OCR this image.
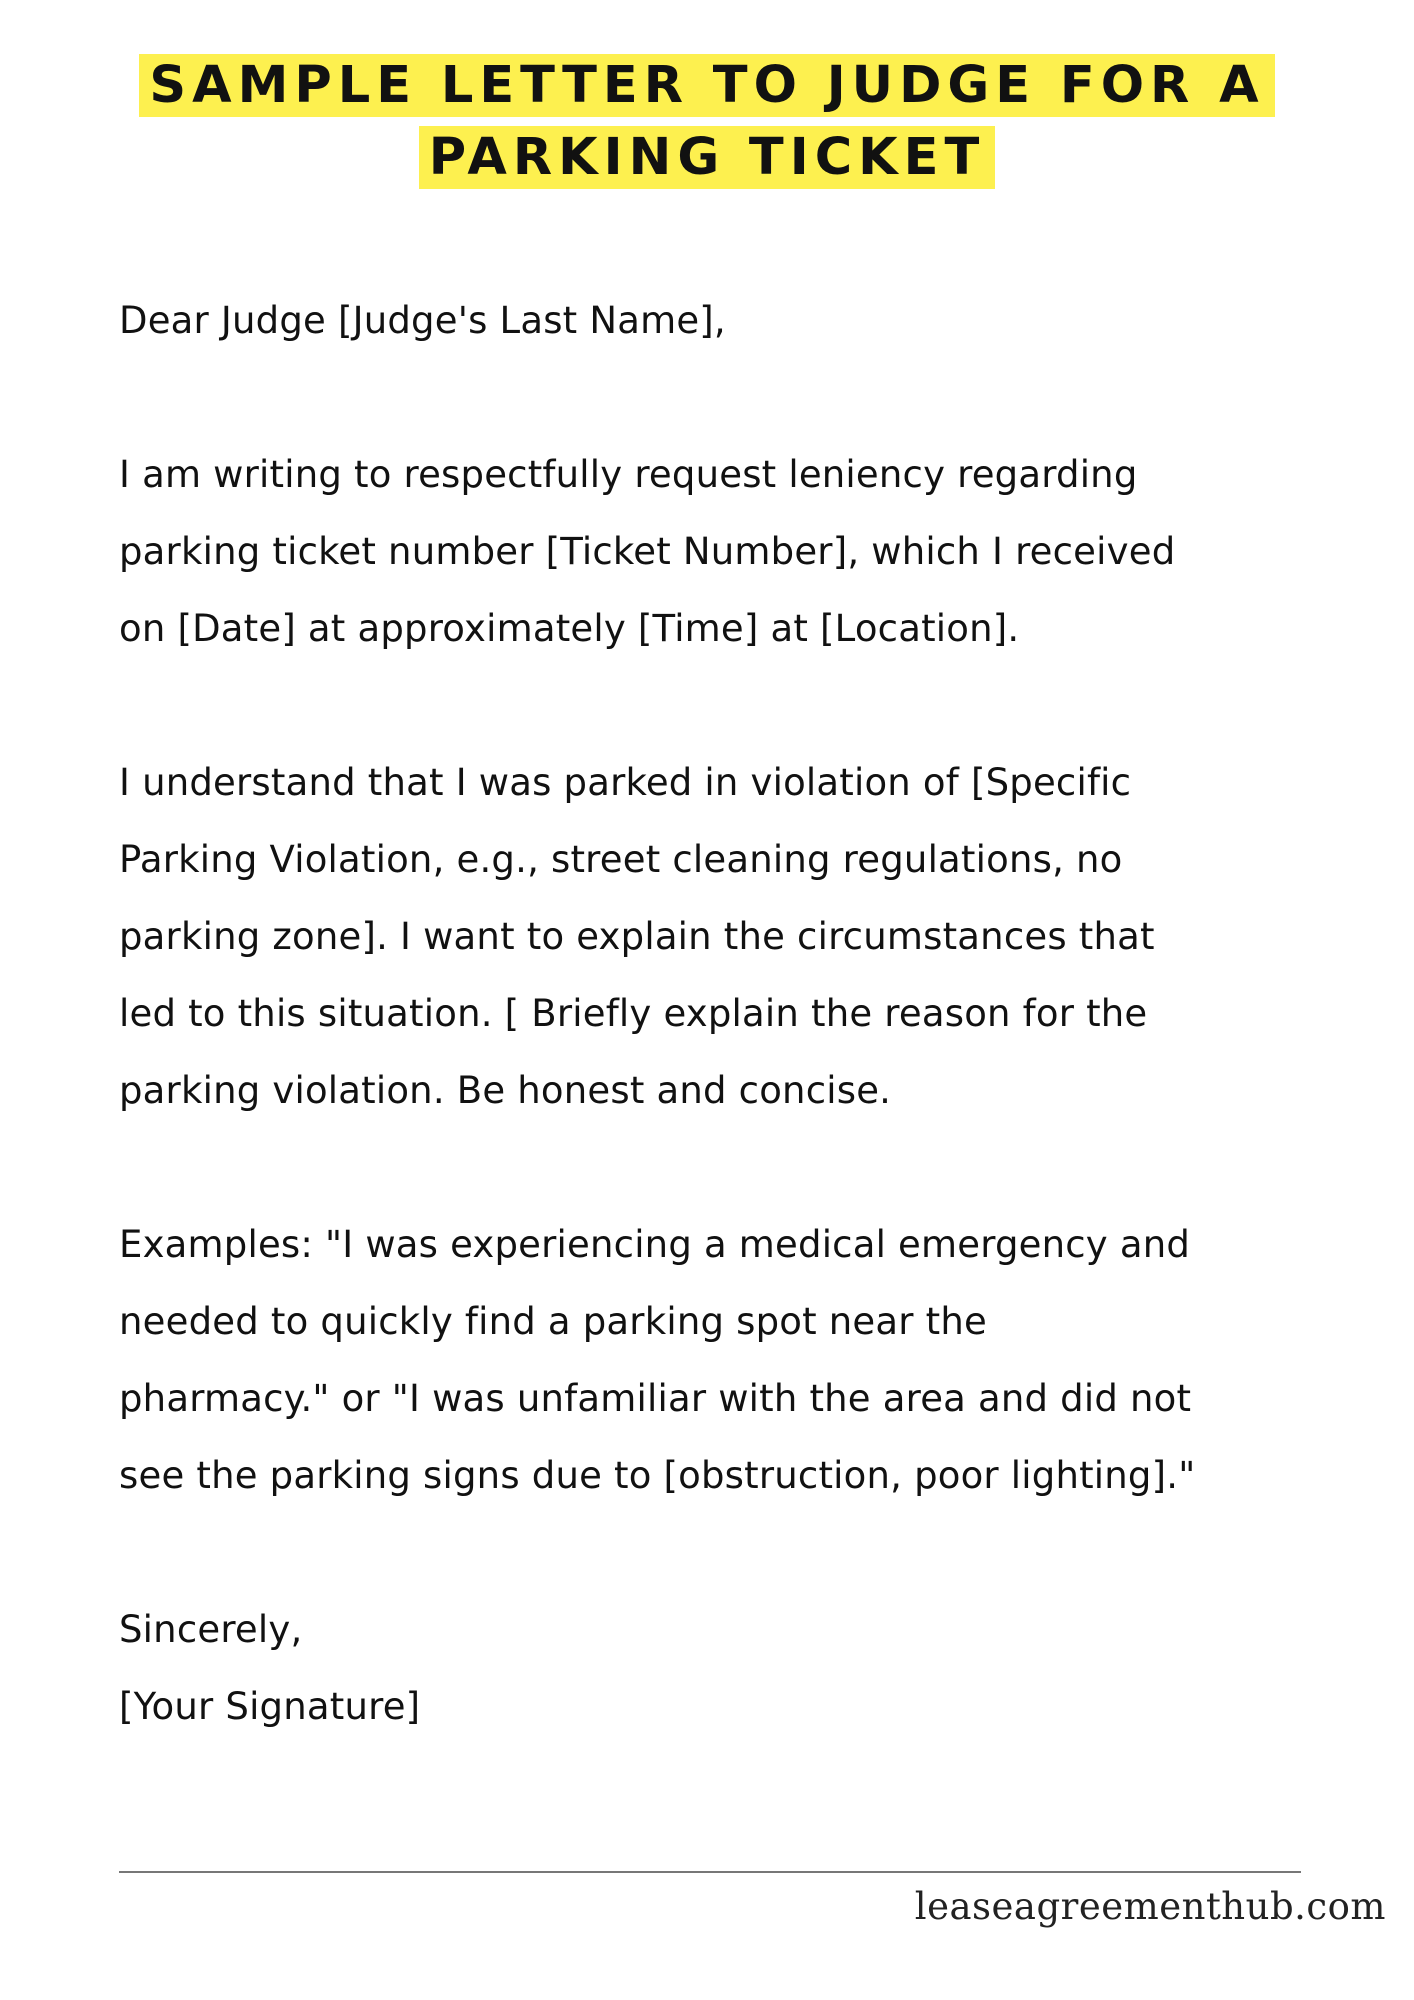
SAMPLE LETTER TO JUDGE FOR A
PARKING TICKET

Dear Judge [Judge's Last Name],

I am writing to respectfully request leniency regarding
parking ticket number [Ticket Number], which I received
on [Date] at approximately [Time] at [Location].

I understand that I was parked in violation of [Specific
Parking Violation, e.g., street cleaning regulations, no
parking zone]. I want to explain the circumstances that
led to this situation. [ Briefly explain the reason for the
parking violation. Be honest and concise.

Examples: "I was experiencing a medical emergency and
needed to quickly find a parking spot near the
pharmacy." or "I was unfamiliar with the area and did not
see the parking signs due to [obstruction, poor lighting]."

Sincerely,
[Your Signature]

leaseagreementhub.com
